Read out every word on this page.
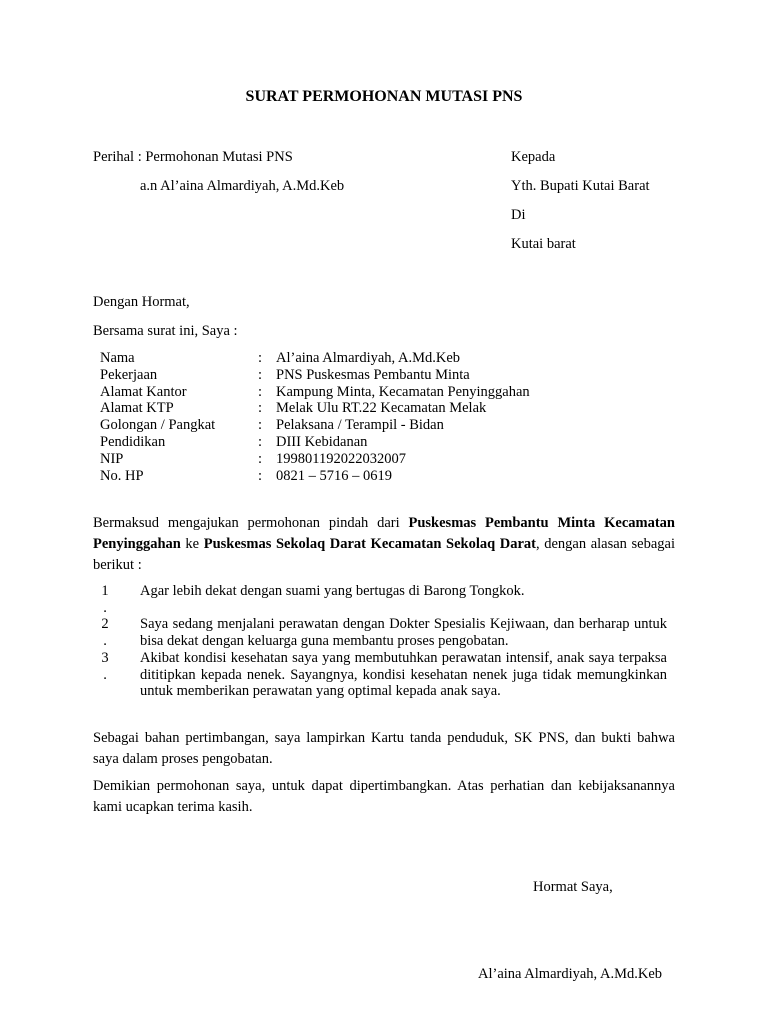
SURAT PERMOHONAN MUTASI PNS
Perihal : Permohonan Mutasi PNS
a.n Al’aina Almardiyah, A.Md.Keb
Kepada
Yth. Bupati Kutai Barat
Di
Kutai barat
Dengan Hormat,
Bersama surat ini, Saya :
Nama	:	Al’aina Almardiyah, A.Md.Keb
Pekerjaan	:	PNS Puskesmas Pembantu Minta
Alamat Kantor	:	Kampung Minta, Kecamatan Penyinggahan
Alamat KTP	:	Melak Ulu RT.22 Kecamatan Melak
Golongan / Pangkat	:	Pelaksana / Terampil - Bidan
Pendidikan	:	DIII Kebidanan
NIP	:	199801192022032007
No. HP	:	0821 – 5716 – 0619
Bermaksud mengajukan permohonan pindah dari Puskesmas Pembantu Minta Kecamatan Penyinggahan ke Puskesmas Sekolaq Darat Kecamatan Sekolaq Darat, dengan alasan sebagai berikut :
1
.
Agar lebih dekat dengan suami yang bertugas di Barong Tongkok.
2
.
Saya sedang menjalani perawatan dengan Dokter Spesialis Kejiwaan, dan berharap untuk bisa dekat dengan keluarga guna membantu proses pengobatan.
3
.
Akibat kondisi kesehatan saya yang membutuhkan perawatan intensif, anak saya terpaksa dititipkan kepada nenek. Sayangnya, kondisi kesehatan nenek juga tidak memungkinkan untuk memberikan perawatan yang optimal kepada anak saya.
Sebagai bahan pertimbangan, saya lampirkan Kartu tanda penduduk, SK PNS, dan bukti bahwa saya dalam proses pengobatan.
Demikian permohonan saya, untuk dapat dipertimbangkan. Atas perhatian dan kebijaksanannya kami ucapkan terima kasih.
Hormat Saya,
Al’aina Almardiyah, A.Md.Keb
